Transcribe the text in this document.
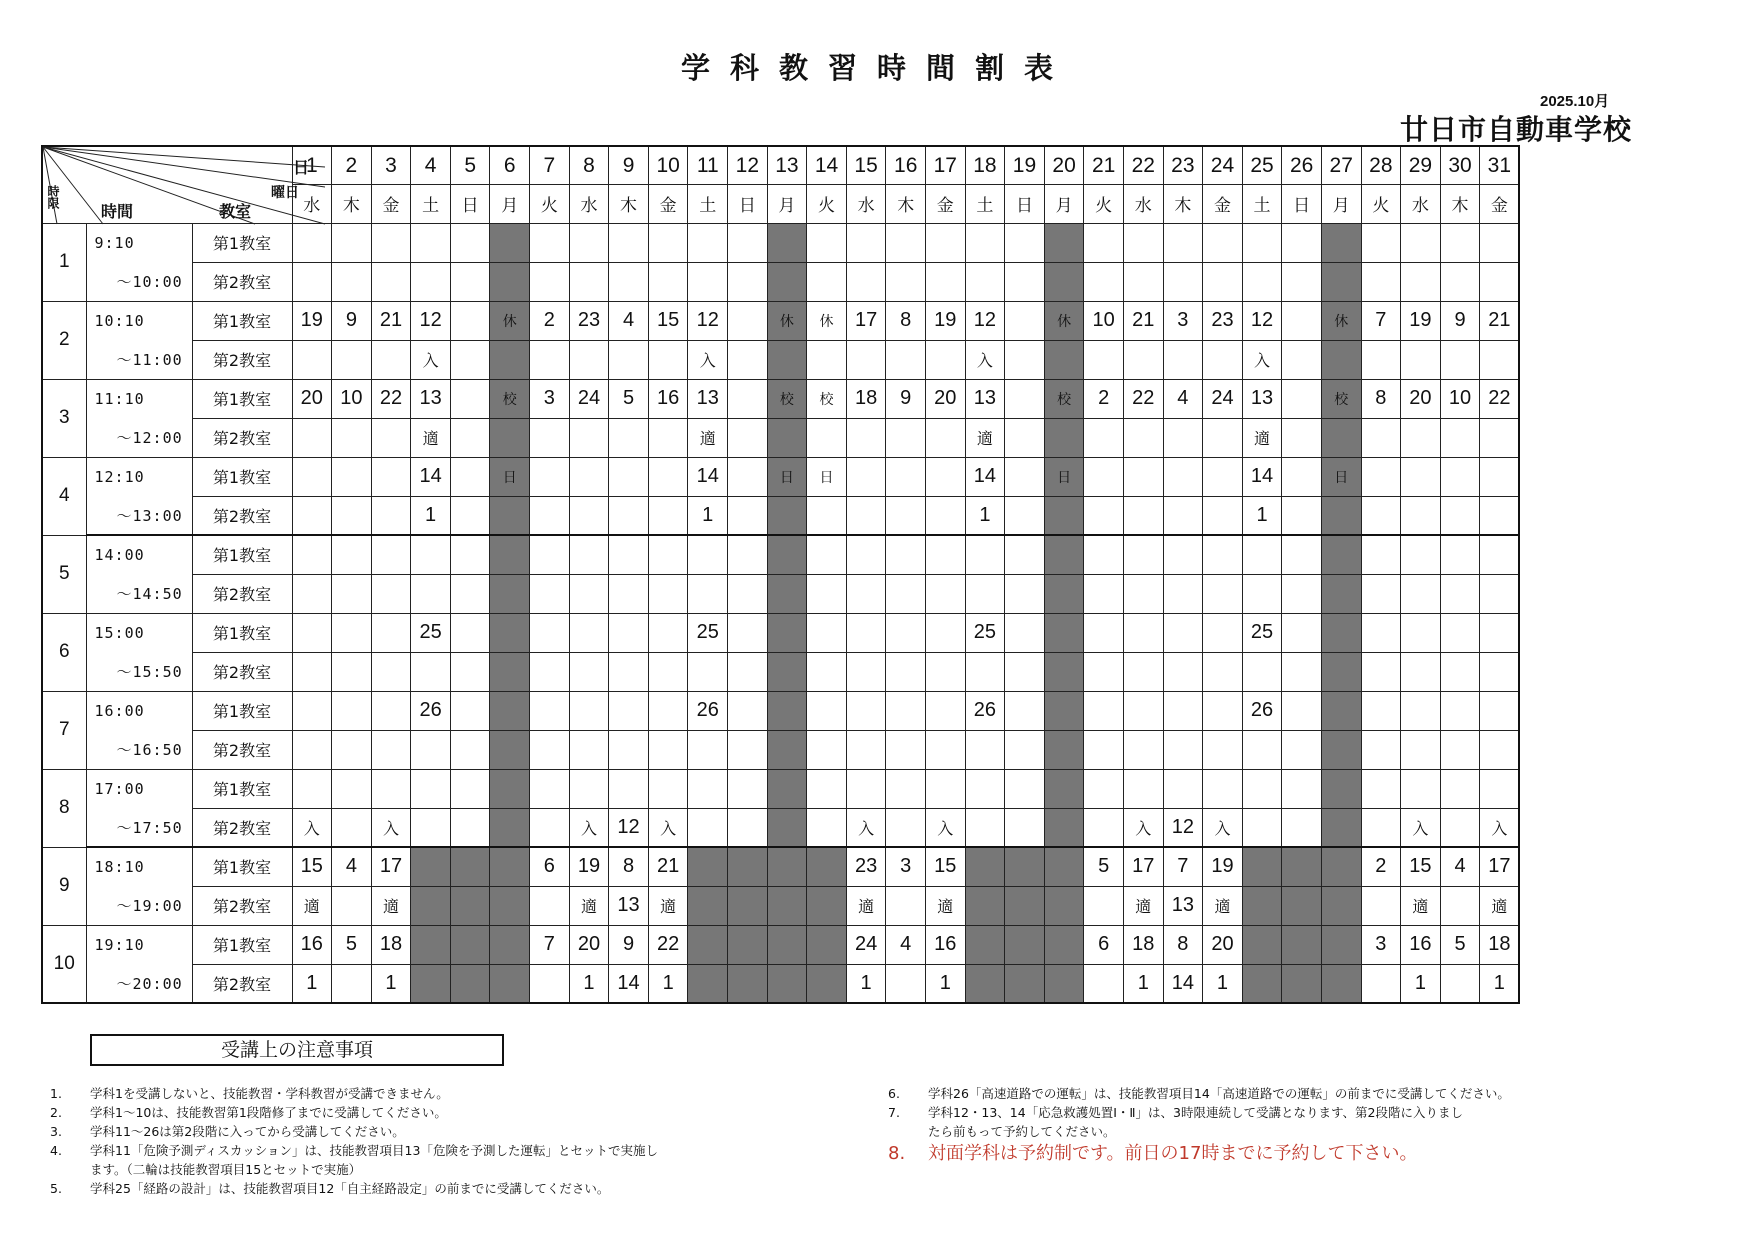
学科教習時間割表
2025.10月
廿日市自動車学校
日
曜日
教室
時間
時限			1	2	3	4	5	6	7	8	9	10	11	12	13	14	15	16	17	18	19	20	21	22	23	24	25	26	27	28	29	30	31
			水	木	金	土	日	月	火	水	木	金	土	日	月	火	水	木	金	土	日	月	火	水	木	金	土	日	月	火	水	木	金
1	9:10	第1教室																															
	～10:00	第2教室																															
2	10:10	第1教室	19	9	21	12		休	2	23	4	15	12		休	休	17	8	19	12		休	10	21	3	23	12		休	7	19	9	21
	～11:00	第2教室				入							入							入							入						
3	11:10	第1教室	20	10	22	13		校	3	24	5	16	13		校	校	18	9	20	13		校	2	22	4	24	13		校	8	20	10	22
	～12:00	第2教室				適							適							適							適						
4	12:10	第1教室				14		日					14		日	日				14		日					14		日				
	～13:00	第2教室				1							1							1							1						
5	14:00	第1教室																															
	～14:50	第2教室																															
6	15:00	第1教室				25							25							25							25						
	～15:50	第2教室																															
7	16:00	第1教室				26							26							26							26						
	～16:50	第2教室																															
8	17:00	第1教室																															
	～17:50	第2教室	入		入					入	12	入					入		入					入	12	入					入		入
9	18:10	第1教室	15	4	17				6	19	8	21					23	3	15				5	17	7	19				2	15	4	17
	～19:00	第2教室	適		適					適	13	適					適		適					適	13	適					適		適
10	19:10	第1教室	16	5	18				7	20	9	22					24	4	16				6	18	8	20				3	16	5	18
	～20:00	第2教室	1		1					1	14	1					1		1					1	14	1					1		1
受講上の注意事項
1. 学科1を受講しないと、技能教習・学科教習が受講できません。
2. 学科1～10は、技能教習第1段階修了までに受講してください。
3. 学科11～26は第2段階に入ってから受講してください。
4. 学科11「危険予測ディスカッション」は、技能教習項目13「危険を予測した運転」とセットで実施し
ます。（二輪は技能教習項目15とセットで実施）
5. 学科25「経路の設計」は、技能教習項目12「自主経路設定」の前までに受講してください。
6. 学科26「高速道路での運転」は、技能教習項目14「高速道路での運転」の前までに受講してください。
7. 学科12・13、14「応急救護処置Ⅰ・Ⅱ」は、3時限連続して受講となります、第2段階に入りまし
たら前もって予約してください。
8. 対面学科は予約制です。前日の17時までに予約して下さい。
